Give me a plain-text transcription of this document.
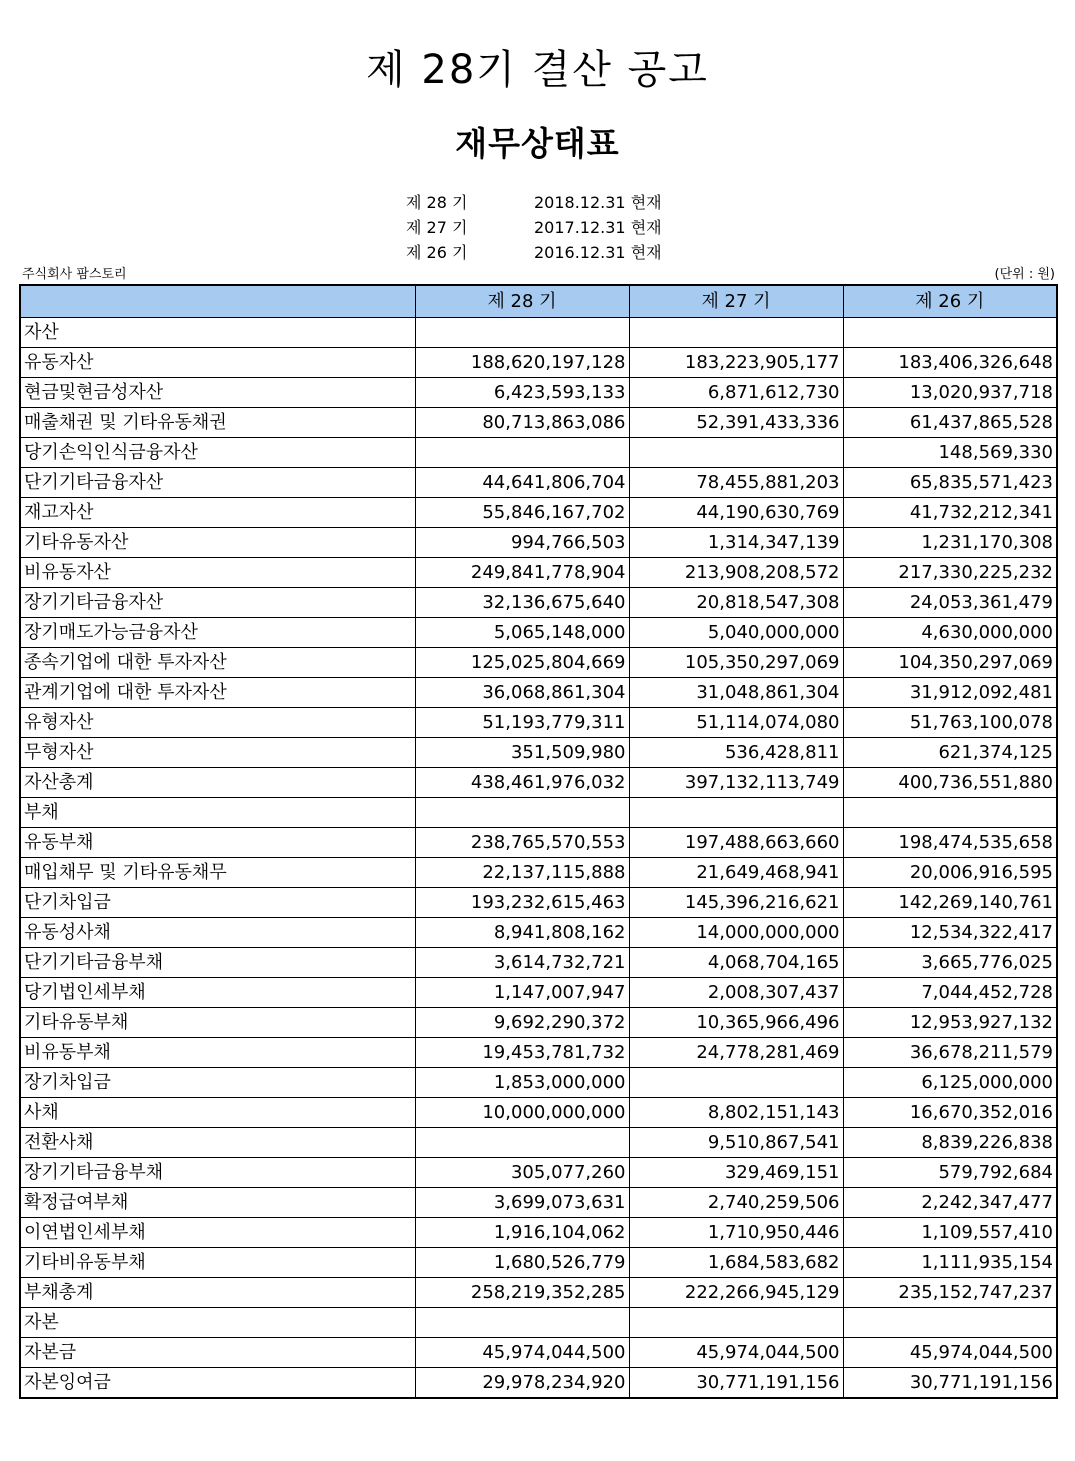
제 28기 결산 공고
재무상태표
제 28 기	2018.12.31 현재
제 27 기	2017.12.31 현재
제 26 기	2016.12.31 현재
주식회사 팜스토리	(단위 : 원)
	제 28 기	제 27 기	제 26 기
자산			
유동자산	188,620,197,128	183,223,905,177	183,406,326,648
현금및현금성자산	6,423,593,133	6,871,612,730	13,020,937,718
매출채권 및 기타유동채권	80,713,863,086	52,391,433,336	61,437,865,528
당기손익인식금융자산			148,569,330
단기기타금융자산	44,641,806,704	78,455,881,203	65,835,571,423
재고자산	55,846,167,702	44,190,630,769	41,732,212,341
기타유동자산	994,766,503	1,314,347,139	1,231,170,308
비유동자산	249,841,778,904	213,908,208,572	217,330,225,232
장기기타금융자산	32,136,675,640	20,818,547,308	24,053,361,479
장기매도가능금융자산	5,065,148,000	5,040,000,000	4,630,000,000
종속기업에 대한 투자자산	125,025,804,669	105,350,297,069	104,350,297,069
관계기업에 대한 투자자산	36,068,861,304	31,048,861,304	31,912,092,481
유형자산	51,193,779,311	51,114,074,080	51,763,100,078
무형자산	351,509,980	536,428,811	621,374,125
자산총계	438,461,976,032	397,132,113,749	400,736,551,880
부채			
유동부채	238,765,570,553	197,488,663,660	198,474,535,658
매입채무 및 기타유동채무	22,137,115,888	21,649,468,941	20,006,916,595
단기차입금	193,232,615,463	145,396,216,621	142,269,140,761
유동성사채	8,941,808,162	14,000,000,000	12,534,322,417
단기기타금융부채	3,614,732,721	4,068,704,165	3,665,776,025
당기법인세부채	1,147,007,947	2,008,307,437	7,044,452,728
기타유동부채	9,692,290,372	10,365,966,496	12,953,927,132
비유동부채	19,453,781,732	24,778,281,469	36,678,211,579
장기차입금	1,853,000,000		6,125,000,000
사채	10,000,000,000	8,802,151,143	16,670,352,016
전환사채		9,510,867,541	8,839,226,838
장기기타금융부채	305,077,260	329,469,151	579,792,684
확정급여부채	3,699,073,631	2,740,259,506	2,242,347,477
이연법인세부채	1,916,104,062	1,710,950,446	1,109,557,410
기타비유동부채	1,680,526,779	1,684,583,682	1,111,935,154
부채총계	258,219,352,285	222,266,945,129	235,152,747,237
자본			
자본금	45,974,044,500	45,974,044,500	45,974,044,500
자본잉여금	29,978,234,920	30,771,191,156	30,771,191,156
